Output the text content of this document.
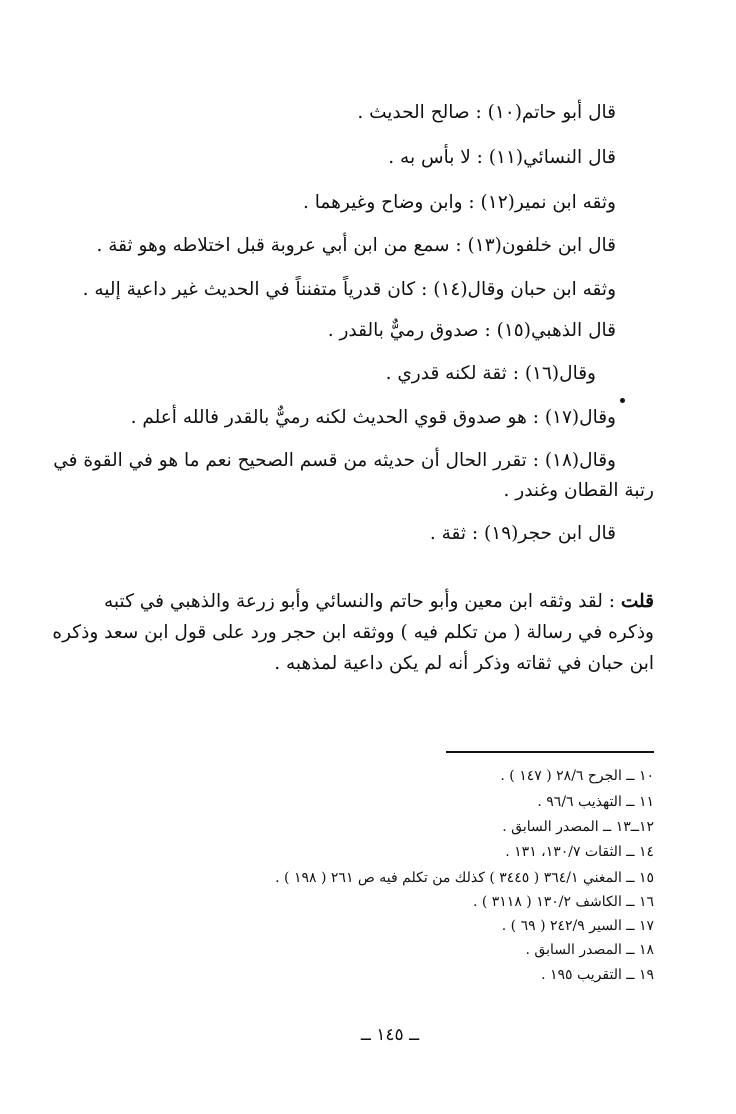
قال أبو حاتم(١٠) : صالح الحديث .
قال النسائي(١١) : لا بأس به .
وثقه ابن نمير(١٢) : وابن وضاح وغيرهما .
قال ابن خلفون(١٣) : سمع من ابن أبي عروبة قبل اختلاطه وهو ثقة .
وثقه ابن حبان وقال(١٤) : كان قدرياً متفنناً في الحديث غير داعية إليه .
قال الذهبي(١٥) : صدوق رميٌّ بالقدر .
وقال(١٦) : ثقة لكنه قدري .
وقال(١٧) : هو صدوق قوي الحديث لكنه رميٌّ بالقدر فالله أعلم .
وقال(١٨) : تقرر الحال أن حديثه من قسم الصحيح نعم ما هو في القوة في
رتبة القطان وغندر .
قال ابن حجر(١٩) : ثقة .
قلت : لقد وثقه ابن معين وأبو حاتم والنسائي وأبو زرعة والذهبي في كتبه
وذكره في رسالة ( من تكلم فيه ) ووثقه ابن حجر ورد على قول ابن سعد وذكره
ابن حبان في ثقاته وذكر أنه لم يكن داعية لمذهبه .
١٠ ــ الجرح ٢٨/٦ ( ١٤٧ ) .
١١ ــ التهذيب ٩٦/٦ .
١٢ــ١٣ ــ المصدر السابق .
١٤ ــ الثقات ١٣٠/٧، ١٣١ .
١٥ ــ المغني ٣٦٤/١ ( ٣٤٤٥ ) كذلك من تكلم فيه ص ٢٦١ ( ١٩٨ ) .
١٦ ــ الكاشف ١٣٠/٢ ( ٣١١٨ ) .
١٧ ــ السير ٢٤٢/٩ ( ٦٩ ) .
١٨ ــ المصدر السابق .
١٩ ــ التقريب ١٩٥ .
ــ ١٤٥ ــ
